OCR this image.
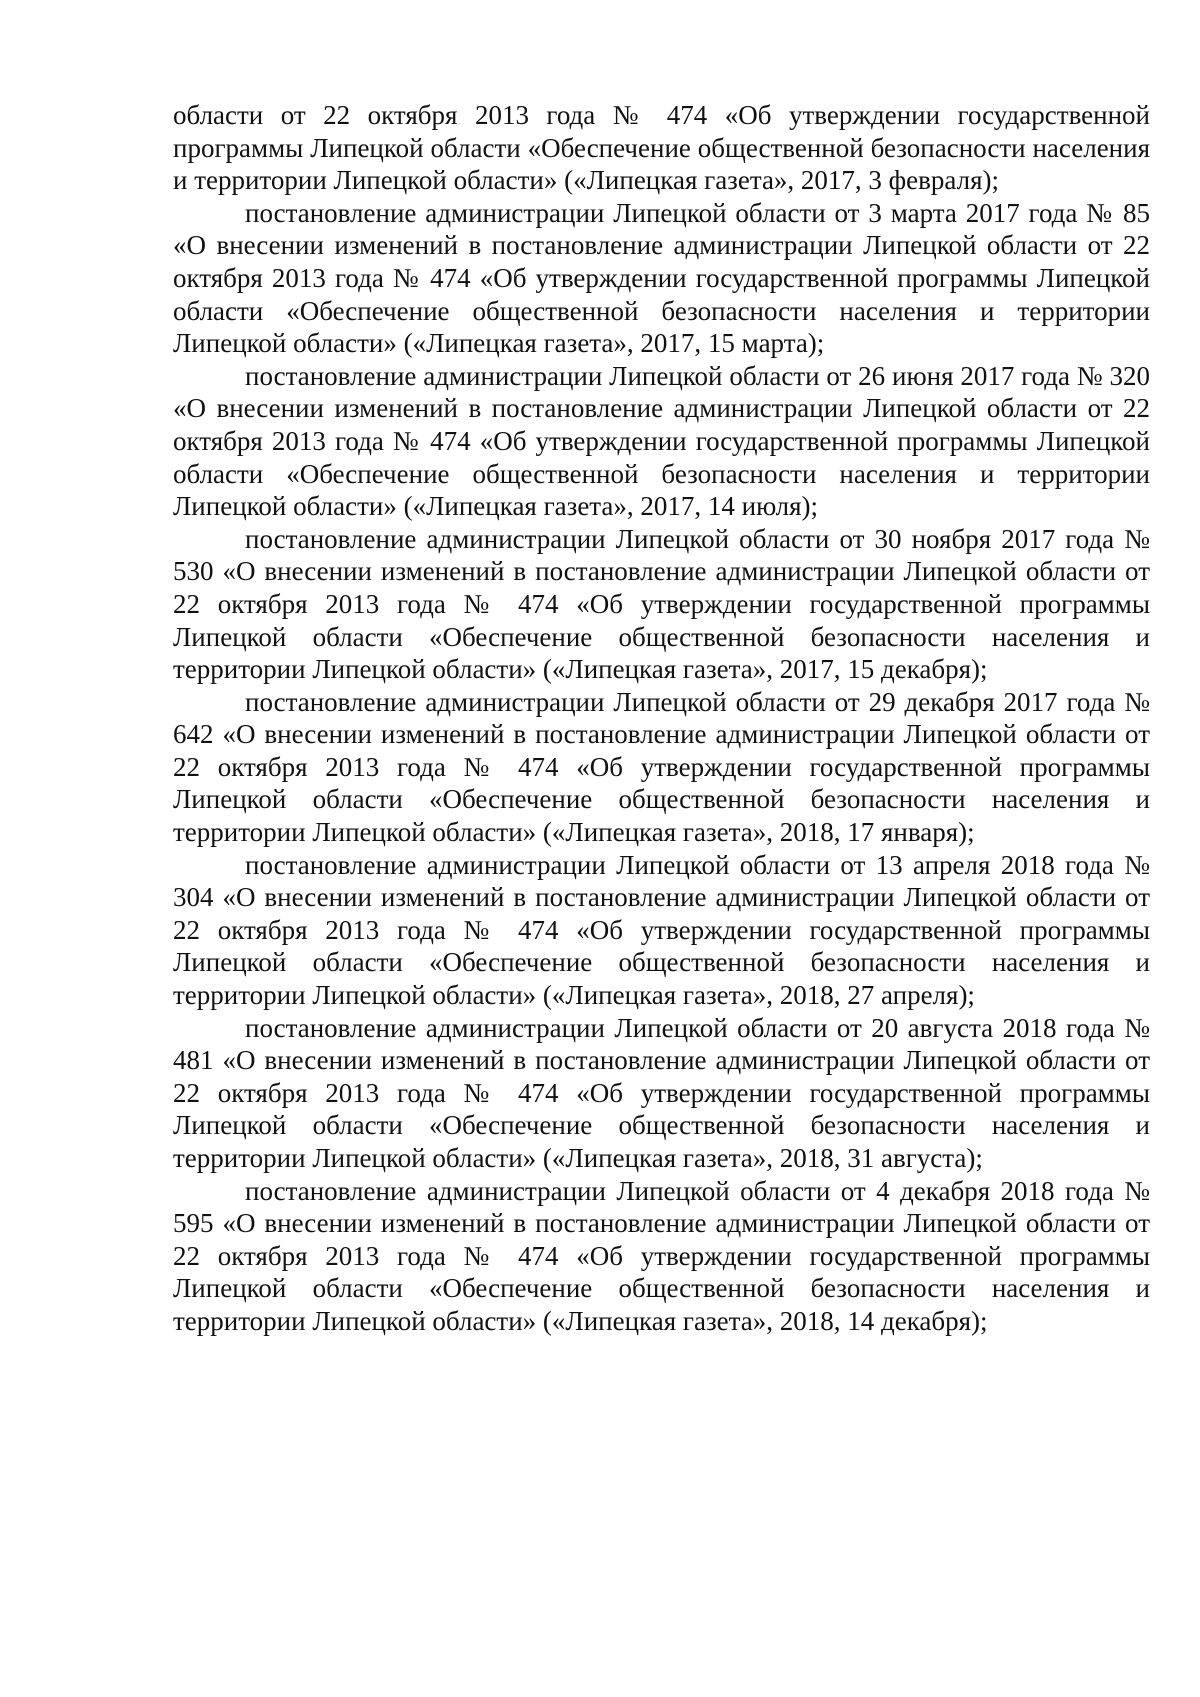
области от 22 октября 2013 года № 474 «Об утверждении государственной программы Липецкой области «Обеспечение общественной безопасности населения и территории Липецкой области» («Липецкая газета», 2017, 3 февраля);

постановление администрации Липецкой области от 3 марта 2017 года № 85 «О внесении изменений в постановление администрации Липецкой области от 22 октября 2013 года № 474 «Об утверждении государственной программы Липецкой области «Обеспечение общественной безопасности населения и территории Липецкой области» («Липецкая газета», 2017, 15 марта);

постановление администрации Липецкой области от 26 июня 2017 года № 320 «О внесении изменений в постановление администрации Липецкой области от 22 октября 2013 года № 474 «Об утверждении государственной программы Липецкой области «Обеспечение общественной безопасности населения и территории Липецкой области» («Липецкая газета», 2017, 14 июля);

постановление администрации Липецкой области от 30 ноября 2017 года № 530 «О внесении изменений в постановление администрации Липецкой области от 22 октября 2013 года № 474 «Об утверждении государственной программы Липецкой области «Обеспечение общественной безопасности населения и территории Липецкой области» («Липецкая газета», 2017, 15 декабря);

постановление администрации Липецкой области от 29 декабря 2017 года № 642 «О внесении изменений в постановление администрации Липецкой области от 22 октября 2013 года № 474 «Об утверждении государственной программы Липецкой области «Обеспечение общественной безопасности населения и территории Липецкой области» («Липецкая газета», 2018, 17 января);

постановление администрации Липецкой области от 13 апреля 2018 года № 304 «О внесении изменений в постановление администрации Липецкой области от 22 октября 2013 года № 474 «Об утверждении государственной программы Липецкой области «Обеспечение общественной безопасности населения и территории Липецкой области» («Липецкая газета», 2018, 27 апреля);

постановление администрации Липецкой области от 20 августа 2018 года № 481 «О внесении изменений в постановление администрации Липецкой области от 22 октября 2013 года № 474 «Об утверждении государственной программы Липецкой области «Обеспечение общественной безопасности населения и территории Липецкой области» («Липецкая газета», 2018, 31 августа);

постановление администрации Липецкой области от 4 декабря 2018 года № 595 «О внесении изменений в постановление администрации Липецкой области от 22 октября 2013 года № 474 «Об утверждении государственной программы Липецкой области «Обеспечение общественной безопасности населения и территории Липецкой области» («Липецкая газета», 2018, 14 декабря);
